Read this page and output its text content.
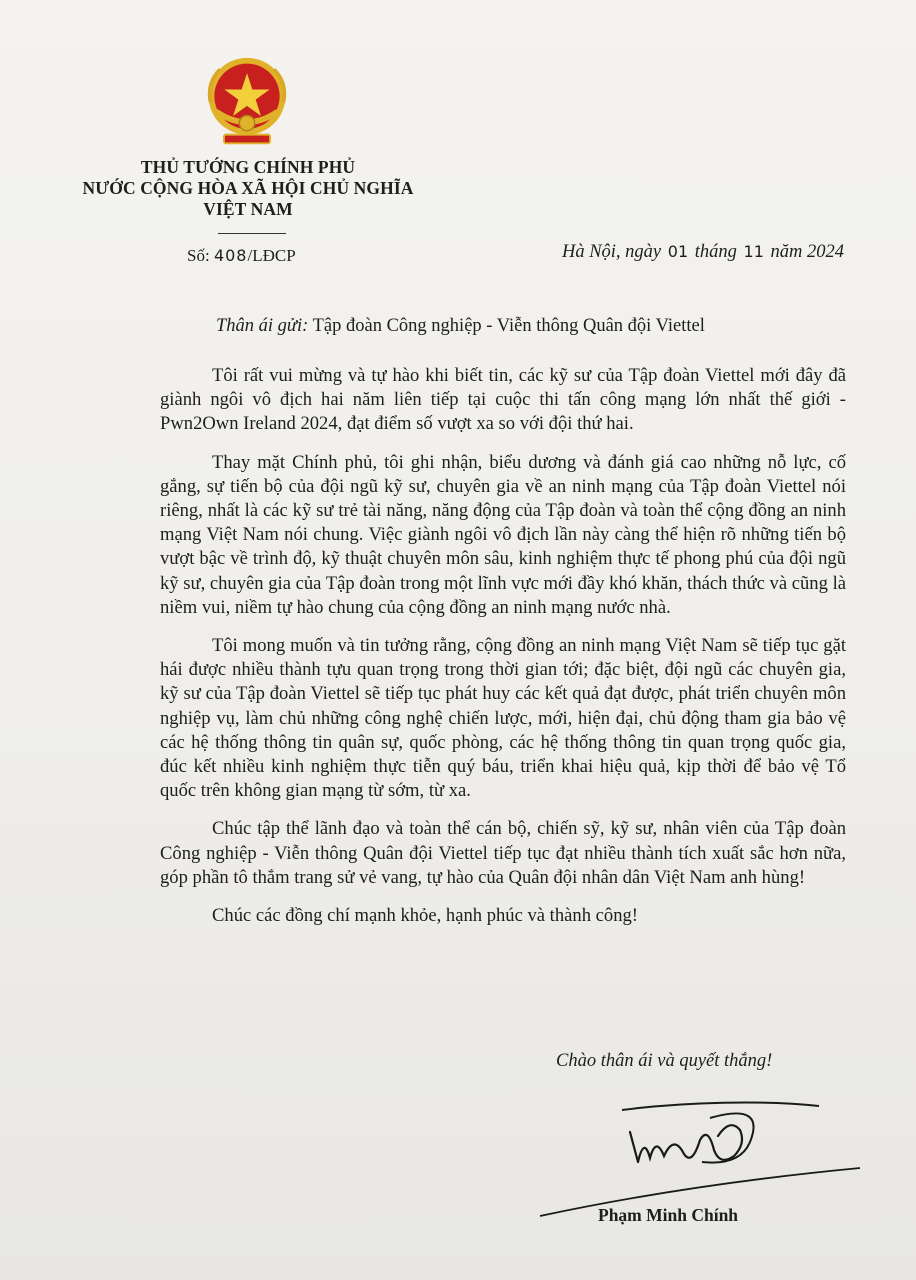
THỦ TƯỚNG CHÍNH PHỦ
NƯỚC CỘNG HÒA XÃ HỘI CHỦ NGHĨA
VIỆT NAM
Số: 408/LĐCP	Hà Nội, ngày 01 tháng 11 năm 2024
Thân ái gửi: Tập đoàn Công nghiệp - Viễn thông Quân đội Viettel

Tôi rất vui mừng và tự hào khi biết tin, các kỹ sư của Tập đoàn Viettel mới đây đã giành ngôi vô địch hai năm liên tiếp tại cuộc thi tấn công mạng lớn nhất thế giới - Pwn2Own Ireland 2024, đạt điểm số vượt xa so với đội thứ hai.

Thay mặt Chính phủ, tôi ghi nhận, biểu dương và đánh giá cao những nỗ lực, cố gắng, sự tiến bộ của đội ngũ kỹ sư, chuyên gia về an ninh mạng của Tập đoàn Viettel nói riêng, nhất là các kỹ sư trẻ tài năng, năng động của Tập đoàn và toàn thể cộng đồng an ninh mạng Việt Nam nói chung. Việc giành ngôi vô địch lần này càng thể hiện rõ những tiến bộ vượt bậc về trình độ, kỹ thuật chuyên môn sâu, kinh nghiệm thực tế phong phú của đội ngũ kỹ sư, chuyên gia của Tập đoàn trong một lĩnh vực mới đầy khó khăn, thách thức và cũng là niềm vui, niềm tự hào chung của cộng đồng an ninh mạng nước nhà.

Tôi mong muốn và tin tưởng rằng, cộng đồng an ninh mạng Việt Nam sẽ tiếp tục gặt hái được nhiều thành tựu quan trọng trong thời gian tới; đặc biệt, đội ngũ các chuyên gia, kỹ sư của Tập đoàn Viettel sẽ tiếp tục phát huy các kết quả đạt được, phát triển chuyên môn nghiệp vụ, làm chủ những công nghệ chiến lược, mới, hiện đại, chủ động tham gia bảo vệ các hệ thống thông tin quân sự, quốc phòng, các hệ thống thông tin quan trọng quốc gia, đúc kết nhiều kinh nghiệm thực tiễn quý báu, triển khai hiệu quả, kịp thời để bảo vệ Tổ quốc trên không gian mạng từ sớm, từ xa.

Chúc tập thể lãnh đạo và toàn thể cán bộ, chiến sỹ, kỹ sư, nhân viên của Tập đoàn Công nghiệp - Viễn thông Quân đội Viettel tiếp tục đạt nhiều thành tích xuất sắc hơn nữa, góp phần tô thắm trang sử vẻ vang, tự hào của Quân đội nhân dân Việt Nam anh hùng!

Chúc các đồng chí mạnh khỏe, hạnh phúc và thành công!

Chào thân ái và quyết thắng!
Phạm Minh Chính
